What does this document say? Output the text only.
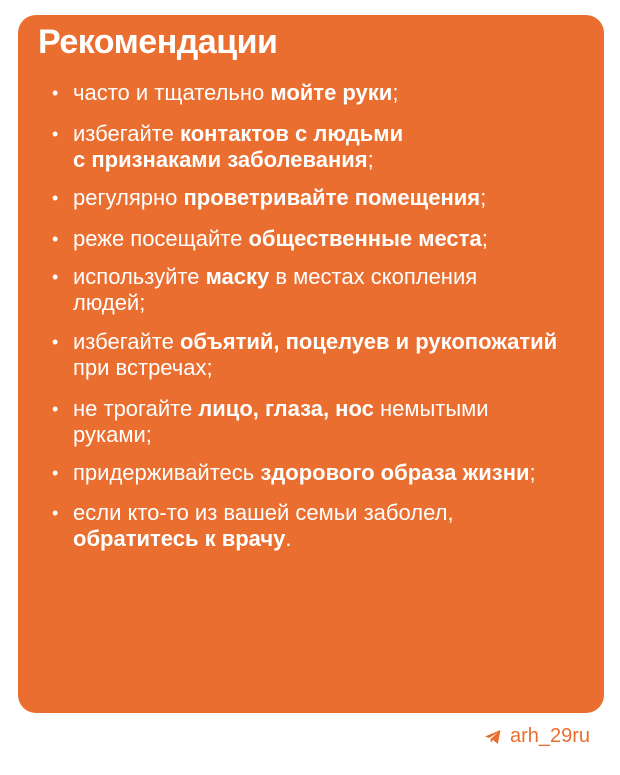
Рекомендации
• часто и тщательно мойте руки;
• избегайте контактов с людьми
с признаками заболевания;
• регулярно проветривайте помещения;
• реже посещайте общественные места;
• используйте маску в местах скопления
людей;
• избегайте объятий, поцелуев и рукопожатий
при встречах;
• не трогайте лицо, глаза, нос немытыми
руками;
• придерживайтесь здорового образа жизни;
• если кто-то из вашей семьи заболел,
обратитесь к врачу.
arh_29ru
